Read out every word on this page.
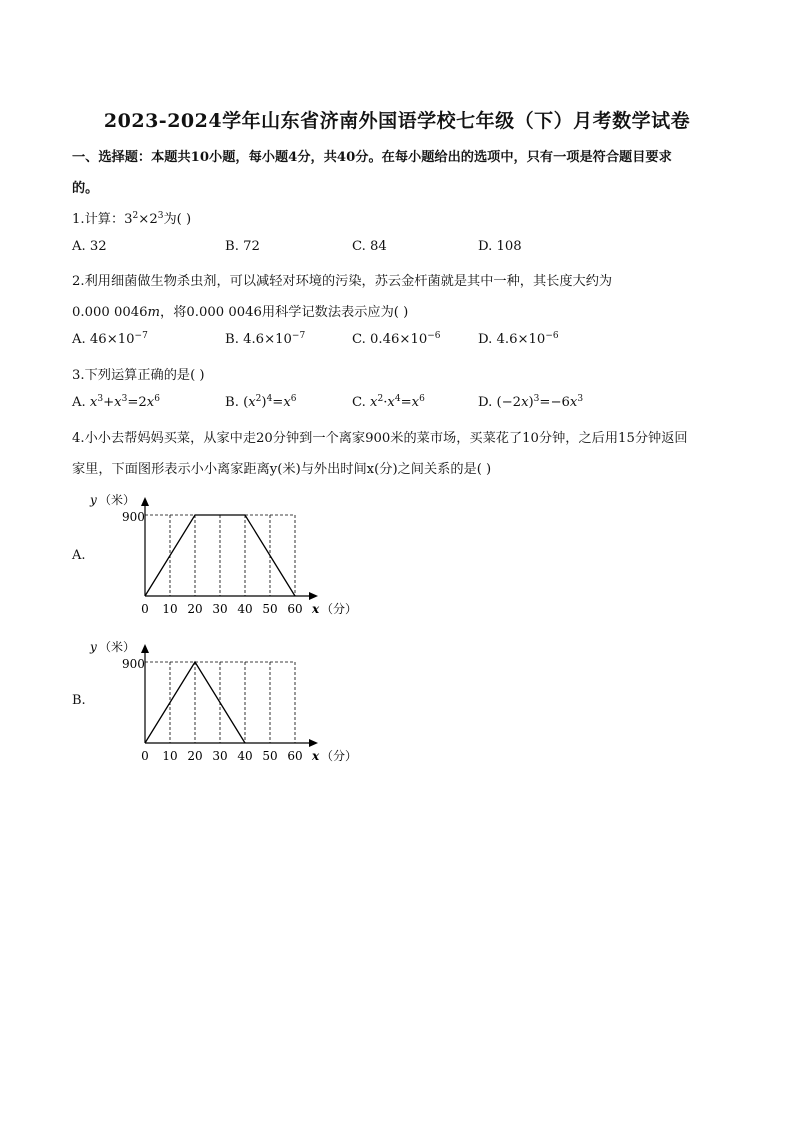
2023-2024学年山东省济南外国语学校七年级（下）月考数学试卷
一、选择题：本题共10小题，每小题4分，共40分。在每小题给出的选项中，只有一项是符合题目要求
的。
1.计算：$3^2\times 2^3$为( )
A. 32	B. 72	C. 84	D. 108
2.利用细菌做生物杀虫剂，可以减轻对环境的污染，苏云金杆菌就是其中一种，其长度大约为
0.000 0046m，将0.000 0046用科学记数法表示应为( )
A. $46\times 10^{-7}$	B. $4.6\times 10^{-7}$	C. $0.46\times 10^{-6}$	D. $4.6\times 10^{-6}$
3.下列运算正确的是( )
A. $x^3+x^3=2x^6$	B. $(x^2)^4=x^6$	C. $x^2\cdot x^4=x^6$	D. $(-2x)^3=-6x^3$
4.小小去帮妈妈买菜，从家中走20分钟到一个离家900米的菜市场，买菜花了10分钟，之后用15分钟返回
家里，下面图形表示小小离家距离y(米)与外出时间x(分)之间关系的是( )
A.
y （米）
900
0 10 20 30 40 50 60 x （分）
B.
y （米）
900
0 10 20 30 40 50 60 x （分）
